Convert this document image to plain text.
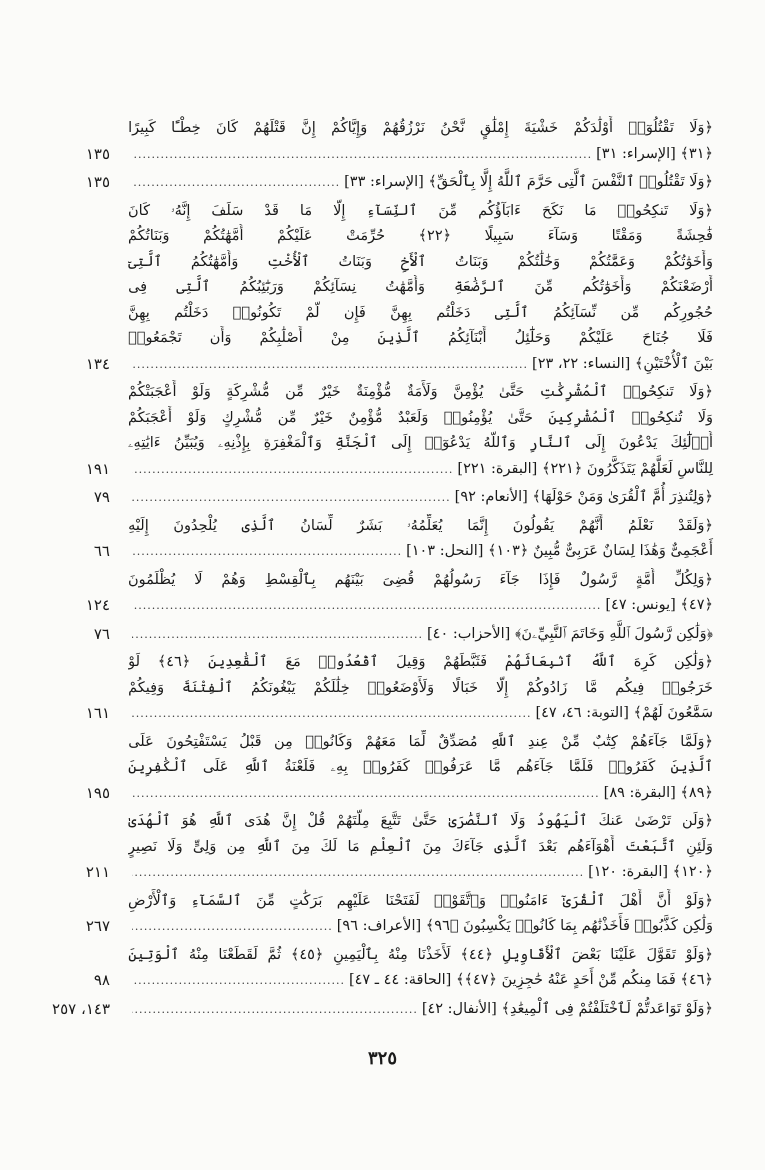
﴿وَلَا
تَقْتُلُوٓا۟
أَوْلَٰدَكُمْ
خَشْيَةَ
إِمْلَٰقٍ
نَّحْنُ
نَرْزُقُهُمْ
وَإِيَّاكُمْ
إِنَّ
قَتْلَهُمْ
كَانَ
خِطْـًٔا
كَبِيرًا
﴿٣١﴾ [الإسراء: ٣١]
.....
١٣٥
﴿وَلَا تَقْتُلُوا۟ ٱلنَّفْسَ ٱلَّتِى حَرَّمَ ٱللَّهُ إِلَّا بِٱلْحَقِّ﴾ [الإسراء: ٣٣]
.....
١٣٥
﴿وَلَا
تَنكِحُوا۟
مَا
نَكَحَ
ءَابَآؤُكُم
مِّنَ
ٱلنِّسَآءِ
إِلَّا
مَا
قَدْ
سَلَفَ
إِنَّهُۥ
كَانَ
فَٰحِشَةً
وَمَقْتًا
وَسَآءَ
سَبِيلًا
﴿٢٢﴾
حُرِّمَتْ
عَلَيْكُمْ
أُمَّهَٰتُكُمْ
وَبَنَاتُكُمْ
وَأَخَوَٰتُكُمْ
وَعَمَّٰتُكُمْ
وَخَٰلَٰتُكُمْ
وَبَنَاتُ
ٱلْأَخِ
وَبَنَاتُ
ٱلْأُخْتِ
وَأُمَّهَٰتُكُمُ
ٱلَّٰتِىٓ
أَرْضَعْنَكُمْ
وَأَخَوَٰتُكُم
مِّنَ
ٱلرَّضَٰعَةِ
وَأُمَّهَٰتُ
نِسَآئِكُمْ
وَرَبَٰٓئِبُكُمُ
ٱلَّٰتِى
فِى
حُجُورِكُم
مِّن
نِّسَآئِكُمُ
ٱلَّٰتِى
دَخَلْتُم
بِهِنَّ
فَإِن
لَّمْ
تَكُونُوا۟
دَخَلْتُم
بِهِنَّ
فَلَا
جُنَاحَ
عَلَيْكُمْ
وَحَلَٰٓئِلُ
أَبْنَآئِكُمُ
ٱلَّذِينَ
مِنْ
أَصْلَٰبِكُمْ
وَأَن
تَجْمَعُوا۟
بَيْنَ ٱلْأُخْتَيْنِ﴾ [النساء: ٢٢، ٢٣]
.....
١٣٤
﴿وَلَا
تَنكِحُوا۟
ٱلْمُشْرِكَٰتِ
حَتَّىٰ
يُؤْمِنَّ
وَلَأَمَةٌ
مُّؤْمِنَةٌ
خَيْرٌ
مِّن
مُّشْرِكَةٍ
وَلَوْ
أَعْجَبَتْكُمْ
وَلَا
تُنكِحُوا۟
ٱلْمُشْرِكِينَ
حَتَّىٰ
يُؤْمِنُوا۟
وَلَعَبْدٌ
مُّؤْمِنٌ
خَيْرٌ
مِّن
مُّشْرِكٍ
وَلَوْ
أَعْجَبَكُمْ
أُو۟لَٰٓئِكَ
يَدْعُونَ
إِلَى
ٱلنَّارِ
وَٱللَّهُ
يَدْعُوٓا۟
إِلَى
ٱلْجَنَّةِ
وَٱلْمَغْفِرَةِ
بِإِذْنِهِۦ
وَيُبَيِّنُ
ءَايَٰتِهِۦ
لِلنَّاسِ لَعَلَّهُمْ يَتَذَكَّرُونَ ﴿٢٢١﴾ [البقرة: ٢٢١]
.....
١٩١
﴿وَلِتُنذِرَ أُمَّ ٱلْقُرَىٰ وَمَنْ حَوْلَهَا﴾ [الأنعام: ٩٢]
.....
٧٩
﴿وَلَقَدْ
نَعْلَمُ
أَنَّهُمْ
يَقُولُونَ
إِنَّمَا
يُعَلِّمُهُۥ
بَشَرٌ
لِّسَانُ
ٱلَّذِى
يُلْحِدُونَ
إِلَيْهِ
أَعْجَمِىٌّ وَهَٰذَا لِسَانٌ عَرَبِىٌّ مُّبِينٌ ﴿١٠٣﴾ [النحل: ١٠٣]
.....
٦٦
﴿وَلِكُلِّ
أُمَّةٍ
رَّسُولٌ
فَإِذَا
جَآءَ
رَسُولُهُمْ
قُضِىَ
بَيْنَهُم
بِٱلْقِسْطِ
وَهُمْ
لَا
يُظْلَمُونَ
﴿٤٧﴾ [يونس: ٤٧]
.....
١٢٤
﴿وَلَٰكِن رَّسُولَ ٱللَّهِ وَخَاتَمَ ٱلنَّبِيِّۦنَ﴾ [الأحزاب: ٤٠]
.....
٧٦
﴿وَلَٰكِن
كَرِهَ
ٱللَّهُ
ٱنۢبِعَاثَهُمْ
فَثَبَّطَهُمْ
وَقِيلَ
ٱقْعُدُوا۟
مَعَ
ٱلْقَٰعِدِينَ
﴿٤٦﴾
لَوْ
خَرَجُوا۟
فِيكُم
مَّا
زَادُوكُمْ
إِلَّا
خَبَالًا
وَلَأَوْضَعُوا۟
خِلَٰلَكُمْ
يَبْغُونَكُمُ
ٱلْفِتْنَةَ
وَفِيكُمْ
سَمَّٰعُونَ لَهُمْ﴾ [التوبة: ٤٦، ٤٧]
.....
١٦١
﴿وَلَمَّا
جَآءَهُمْ
كِتَٰبٌ
مِّنْ
عِندِ
ٱللَّهِ
مُصَدِّقٌ
لِّمَا
مَعَهُمْ
وَكَانُوا۟
مِن
قَبْلُ
يَسْتَفْتِحُونَ
عَلَى
ٱلَّذِينَ
كَفَرُوا۟
فَلَمَّا
جَآءَهُم
مَّا
عَرَفُوا۟
كَفَرُوا۟
بِهِۦ
فَلَعْنَةُ
ٱللَّهِ
عَلَى
ٱلْكَٰفِرِينَ
﴿٨٩﴾ [البقرة: ٨٩]
.....
١٩٥
﴿وَلَن
تَرْضَىٰ
عَنكَ
ٱلْيَهُودُ
وَلَا
ٱلنَّصَٰرَىٰ
حَتَّىٰ
تَتَّبِعَ
مِلَّتَهُمْ
قُلْ
إِنَّ
هُدَى
ٱللَّهِ
هُوَ
ٱلْهُدَىٰ
وَلَئِنِ
ٱتَّبَعْتَ
أَهْوَآءَهُم
بَعْدَ
ٱلَّذِى
جَآءَكَ
مِنَ
ٱلْعِلْمِ
مَا
لَكَ
مِنَ
ٱللَّهِ
مِن
وَلِىٍّ
وَلَا
نَصِيرٍ
﴿١٢٠﴾ [البقرة: ١٢٠]
.....
٢١١
﴿وَلَوْ
أَنَّ
أَهْلَ
ٱلْقُرَىٰٓ
ءَامَنُوا۟
وَٱتَّقَوْا۟
لَفَتَحْنَا
عَلَيْهِم
بَرَكَٰتٍ
مِّنَ
ٱلسَّمَآءِ
وَٱلْأَرْضِ
وَلَٰكِن كَذَّبُوا۟ فَأَخَذْنَٰهُم بِمَا كَانُوا۟ يَكْسِبُونَ ﴿٩٦﴾ [الأعراف: ٩٦]
.....
٢٦٧
﴿وَلَوْ
تَقَوَّلَ
عَلَيْنَا
بَعْضَ
ٱلْأَقَاوِيلِ
﴿٤٤﴾
لَأَخَذْنَا
مِنْهُ
بِٱلْيَمِينِ
﴿٤٥﴾
ثُمَّ
لَقَطَعْنَا
مِنْهُ
ٱلْوَتِينَ
﴿٤٦﴾ فَمَا مِنكُم مِّنْ أَحَدٍ عَنْهُ حَٰجِزِينَ ﴿٤٧﴾﴾ [الحاقة: ٤٤ ـ ٤٧]
.....
٩٨
﴿وَلَوْ تَوَاعَدتُّمْ لَٱخْتَلَفْتُمْ فِى ٱلْمِيعَٰدِ﴾ [الأنفال: ٤٢]
.....
١٤٣، ٢٥٧
٣٢٥
